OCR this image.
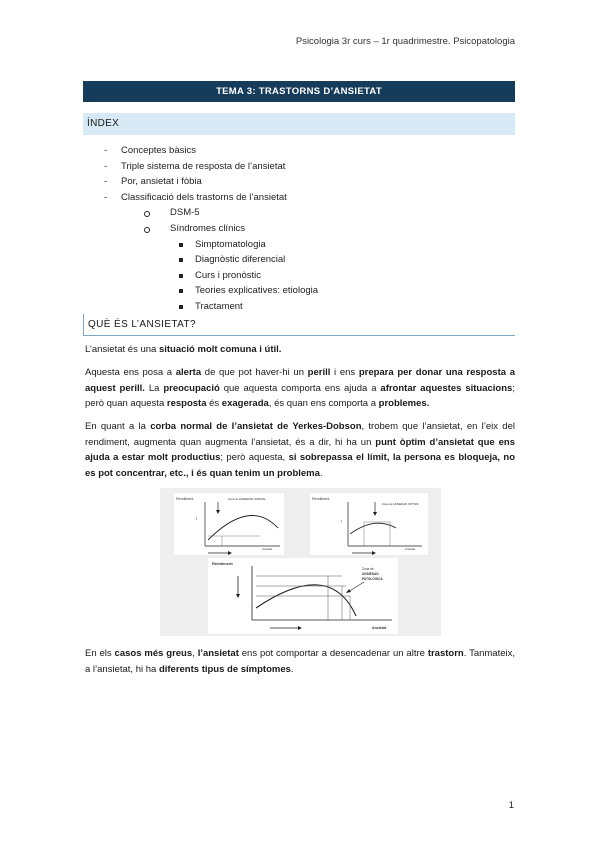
Psicologia 3r curs – 1r quadrimestre. Psicopatologia
TEMA 3: TRASTORNS D’ANSIETAT
ÍNDEX
- Conceptes bàsics
- Triple sistema de resposta de l’ansietat
- Por, ansietat i fòbia
- Classificació dels trastorns de l’ansietat
DSM-5
Síndromes clínics
Simptomatologia
Diagnòstic diferencial
Curs i pronòstic
Teories explicatives: etiologia
Tractament
QUÈ ÉS L’ANSIETAT?
L’ansietat és una situació molt comuna i útil.
Aquesta ens posa a alerta de que pot haver-hi un perill i ens prepara per donar una resposta a aquest perill. La preocupació que aquesta comporta ens ajuda a afrontar aquestes situacions; però quan aquesta resposta és exagerada, és quan ens comporta a problemes.
En quant a la corba normal de l’ansietat de Yerkes-Dobson, trobem que l’ansietat, en l’eix del rendiment, augmenta quan augmenta l’ansietat, és a dir, hi ha un punt òptim d’ansietat que ens ajuda a estar molt productius; però aquesta, si sobrepassa el límit, la persona es bloqueja, no es pot concentrar, etc., i és quan tenim un problema.
Rendiment	Zona de ANSIEDAD NORMAL
↕
Ansietat
Rendiment
Zona de ANSIEDAD ÓPTIMA
↑
Ansietat
Rendiment
Zona de
ANSIEDAD
PATOLÓGICA
Ansietat
En els casos més greus, l’ansietat ens pot comportar a desencadenar un altre trastorn. Tanmateix, a l’ansietat, hi ha diferents tipus de símptomes.
1
